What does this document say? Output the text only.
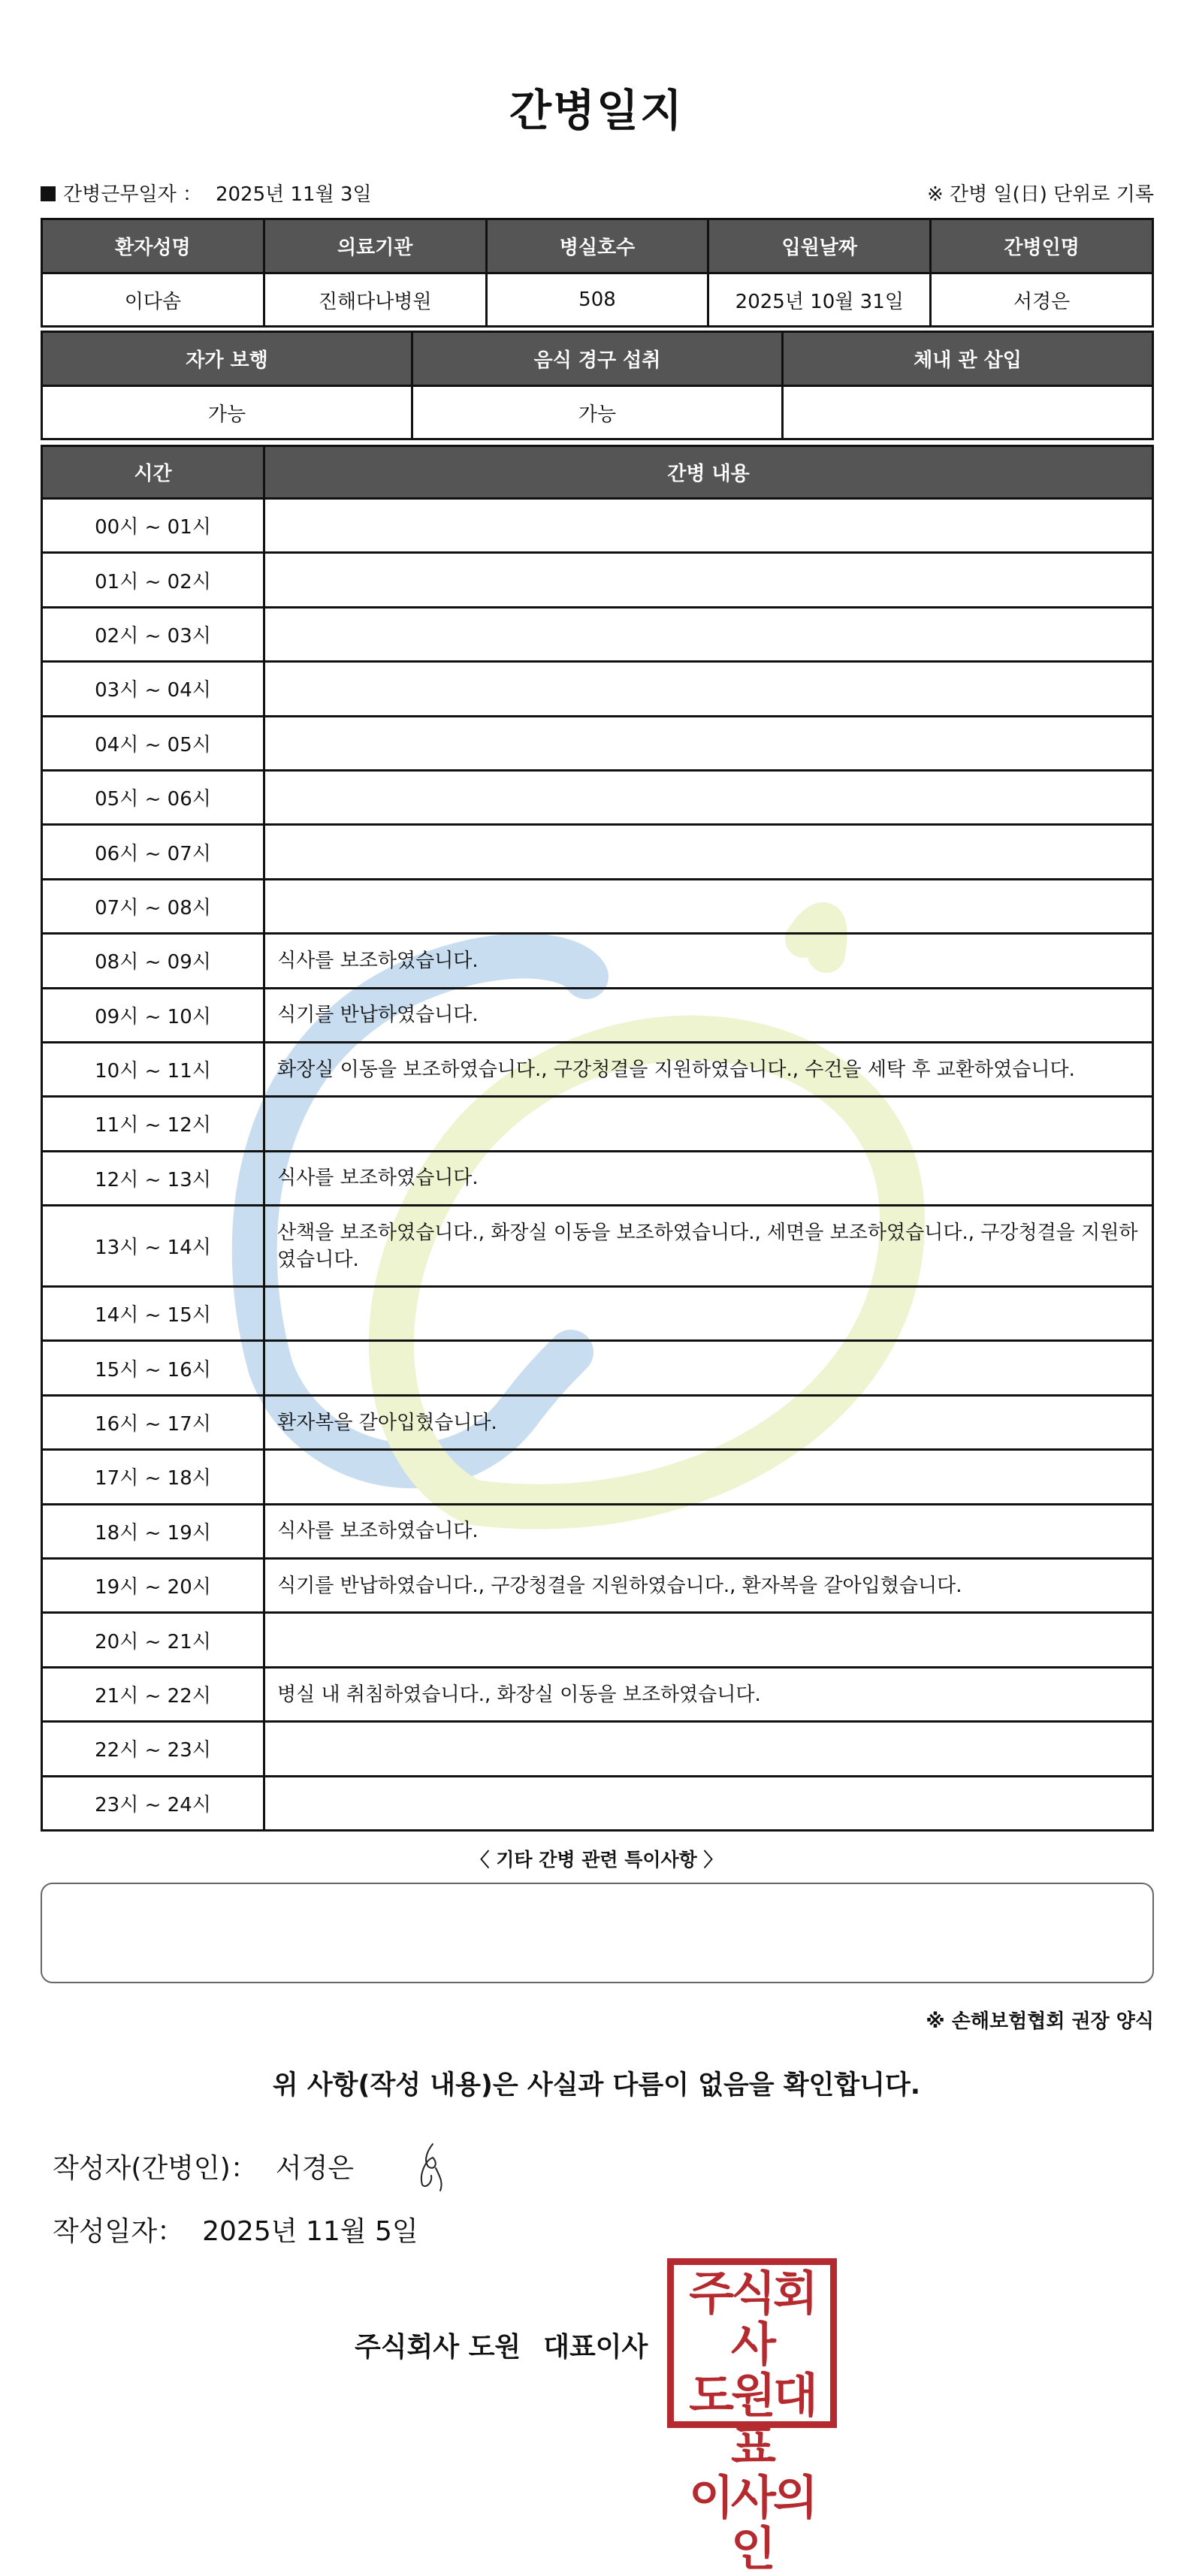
간병일지
간병근무일자 ： 2025년 11월 3일	※ 간병 일(日) 단위로 기록
환자성명	의료기관	병실호수	입원날짜	간병인명
이다솜	진해다나병원	508	2025년 10월 31일	서경은
자가 보행	음식 경구 섭취	체내 관 삽입
가능	가능	
시간	간병 내용
00시 ~ 01시	
01시 ~ 02시	
02시 ~ 03시	
03시 ~ 04시	
04시 ~ 05시	
05시 ~ 06시	
06시 ~ 07시	
07시 ~ 08시	
08시 ~ 09시	식사를 보조하였습니다.
09시 ~ 10시	식기를 반납하였습니다.
10시 ~ 11시	화장실 이동을 보조하였습니다., 구강청결을 지원하였습니다., 수건을 세탁 후 교환하였습니다.
11시 ~ 12시	
12시 ~ 13시	식사를 보조하였습니다.
13시 ~ 14시	산책을 보조하였습니다., 화장실 이동을 보조하였습니다., 세면을 보조하였습니다., 구강청결을 지원하였습니다.
14시 ~ 15시	
15시 ~ 16시	
16시 ~ 17시	환자복을 갈아입혔습니다.
17시 ~ 18시	
18시 ~ 19시	식사를 보조하였습니다.
19시 ~ 20시	식기를 반납하였습니다., 구강청결을 지원하였습니다., 환자복을 갈아입혔습니다.
20시 ~ 21시	
21시 ~ 22시	병실 내 취침하였습니다., 화장실 이동을 보조하였습니다.
22시 ~ 23시	
23시 ~ 24시	
〈 기타 간병 관련 특이사항 〉
※ 손해보험협회 권장 양식
위 사항(작성 내용)은 사실과 다름이 없음을 확인합니다.
작성자(간병인)： 서경은
작성일자： 2025년 11월 5일
주식회사 도원 대표이사
주식회사
도원대표
이사의인
